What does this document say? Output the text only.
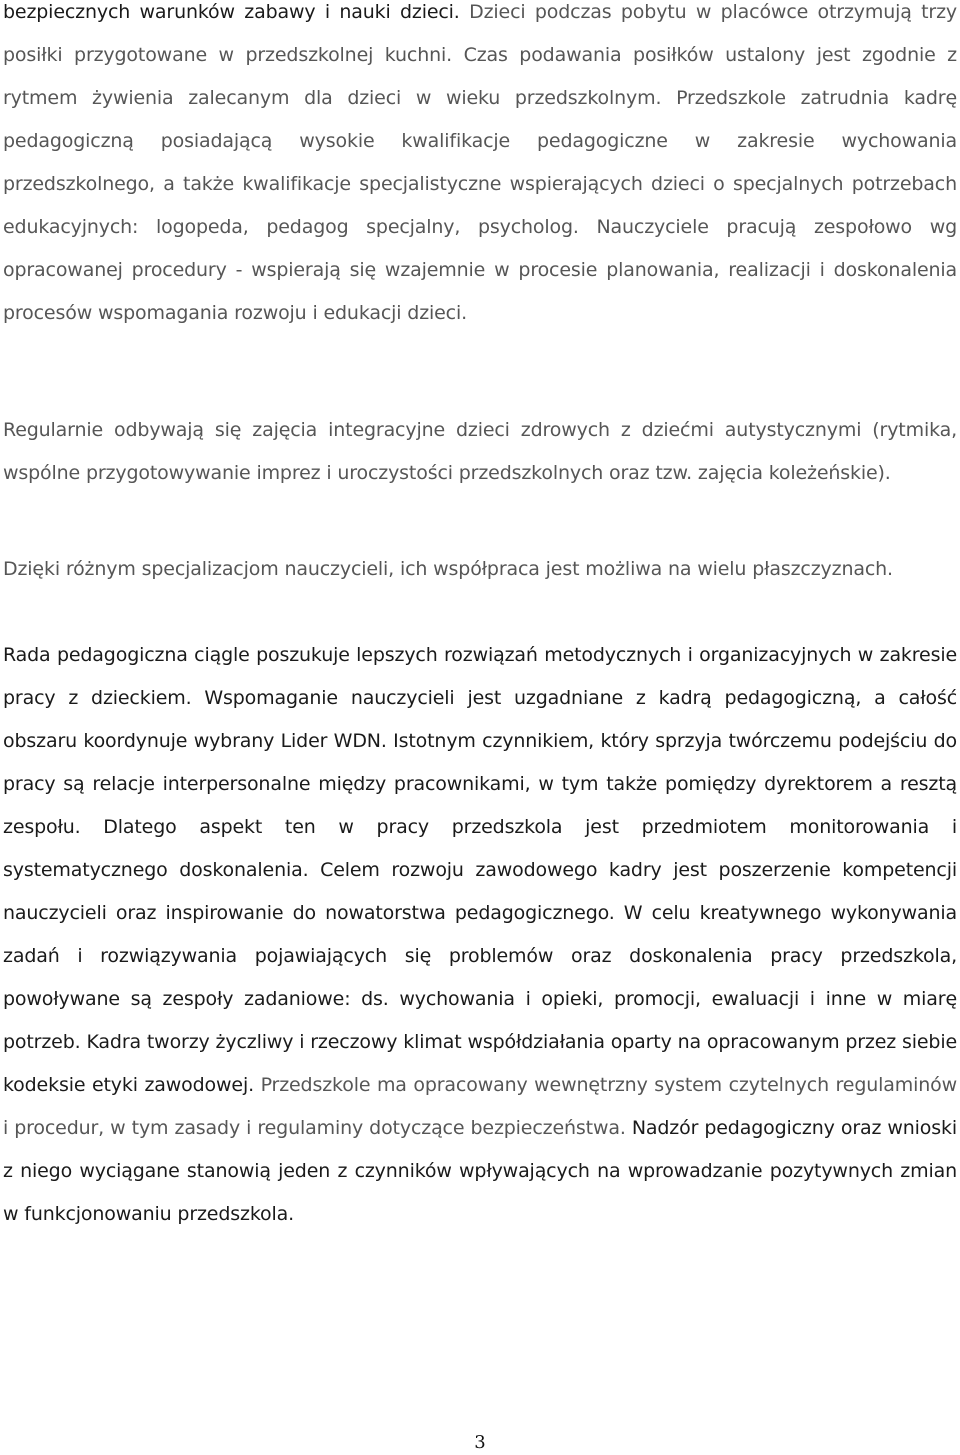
bezpiecznych warunków zabawy i nauki dzieci. Dzieci podczas pobytu w placówce otrzymują trzy posiłki przygotowane w przedszkolnej kuchni. Czas podawania posiłków ustalony jest zgodnie z rytmem żywienia zalecanym dla dzieci w wieku przedszkolnym. Przedszkole zatrudnia kadrę pedagogiczną posiadającą wysokie kwalifikacje pedagogiczne w zakresie wychowania przedszkolnego, a także kwalifikacje specjalistyczne wspierających dzieci o specjalnych potrzebach edukacyjnych: logopeda, pedagog specjalny, psycholog. Nauczyciele pracują zespołowo wg opracowanej procedury - wspierają się wzajemnie w procesie planowania, realizacji i doskonalenia procesów wspomagania rozwoju i edukacji dzieci.

Regularnie odbywają się zajęcia integracyjne dzieci zdrowych z dziećmi autystycznymi (rytmika, wspólne przygotowywanie imprez i uroczystości przedszkolnych oraz tzw. zajęcia koleżeńskie).

Dzięki różnym specjalizacjom nauczycieli, ich współpraca jest możliwa na wielu płaszczyznach.

Rada pedagogiczna ciągle poszukuje lepszych rozwiązań metodycznych i organizacyjnych w zakresie pracy z dzieckiem. Wspomaganie nauczycieli jest uzgadniane z kadrą pedagogiczną, a całość obszaru koordynuje wybrany Lider WDN. Istotnym czynnikiem, który sprzyja twórczemu podejściu do pracy są relacje interpersonalne między pracownikami, w tym także pomiędzy dyrektorem a resztą zespołu. Dlatego aspekt ten w pracy przedszkola jest przedmiotem monitorowania i systematycznego doskonalenia. Celem rozwoju zawodowego kadry jest poszerzenie kompetencji nauczycieli oraz inspirowanie do nowatorstwa pedagogicznego. W celu kreatywnego wykonywania zadań i rozwiązywania pojawiających się problemów oraz doskonalenia pracy przedszkola, powoływane są zespoły zadaniowe: ds. wychowania i opieki, promocji, ewaluacji i inne w miarę potrzeb. Kadra tworzy życzliwy i rzeczowy klimat współdziałania oparty na opracowanym przez siebie kodeksie etyki zawodowej. Przedszkole ma opracowany wewnętrzny system czytelnych regulaminów i procedur, w tym zasady i regulaminy dotyczące bezpieczeństwa. Nadzór pedagogiczny oraz wnioski z niego wyciągane stanowią jeden z czynników wpływających na wprowadzanie pozytywnych zmian w funkcjonowaniu przedszkola.

3
